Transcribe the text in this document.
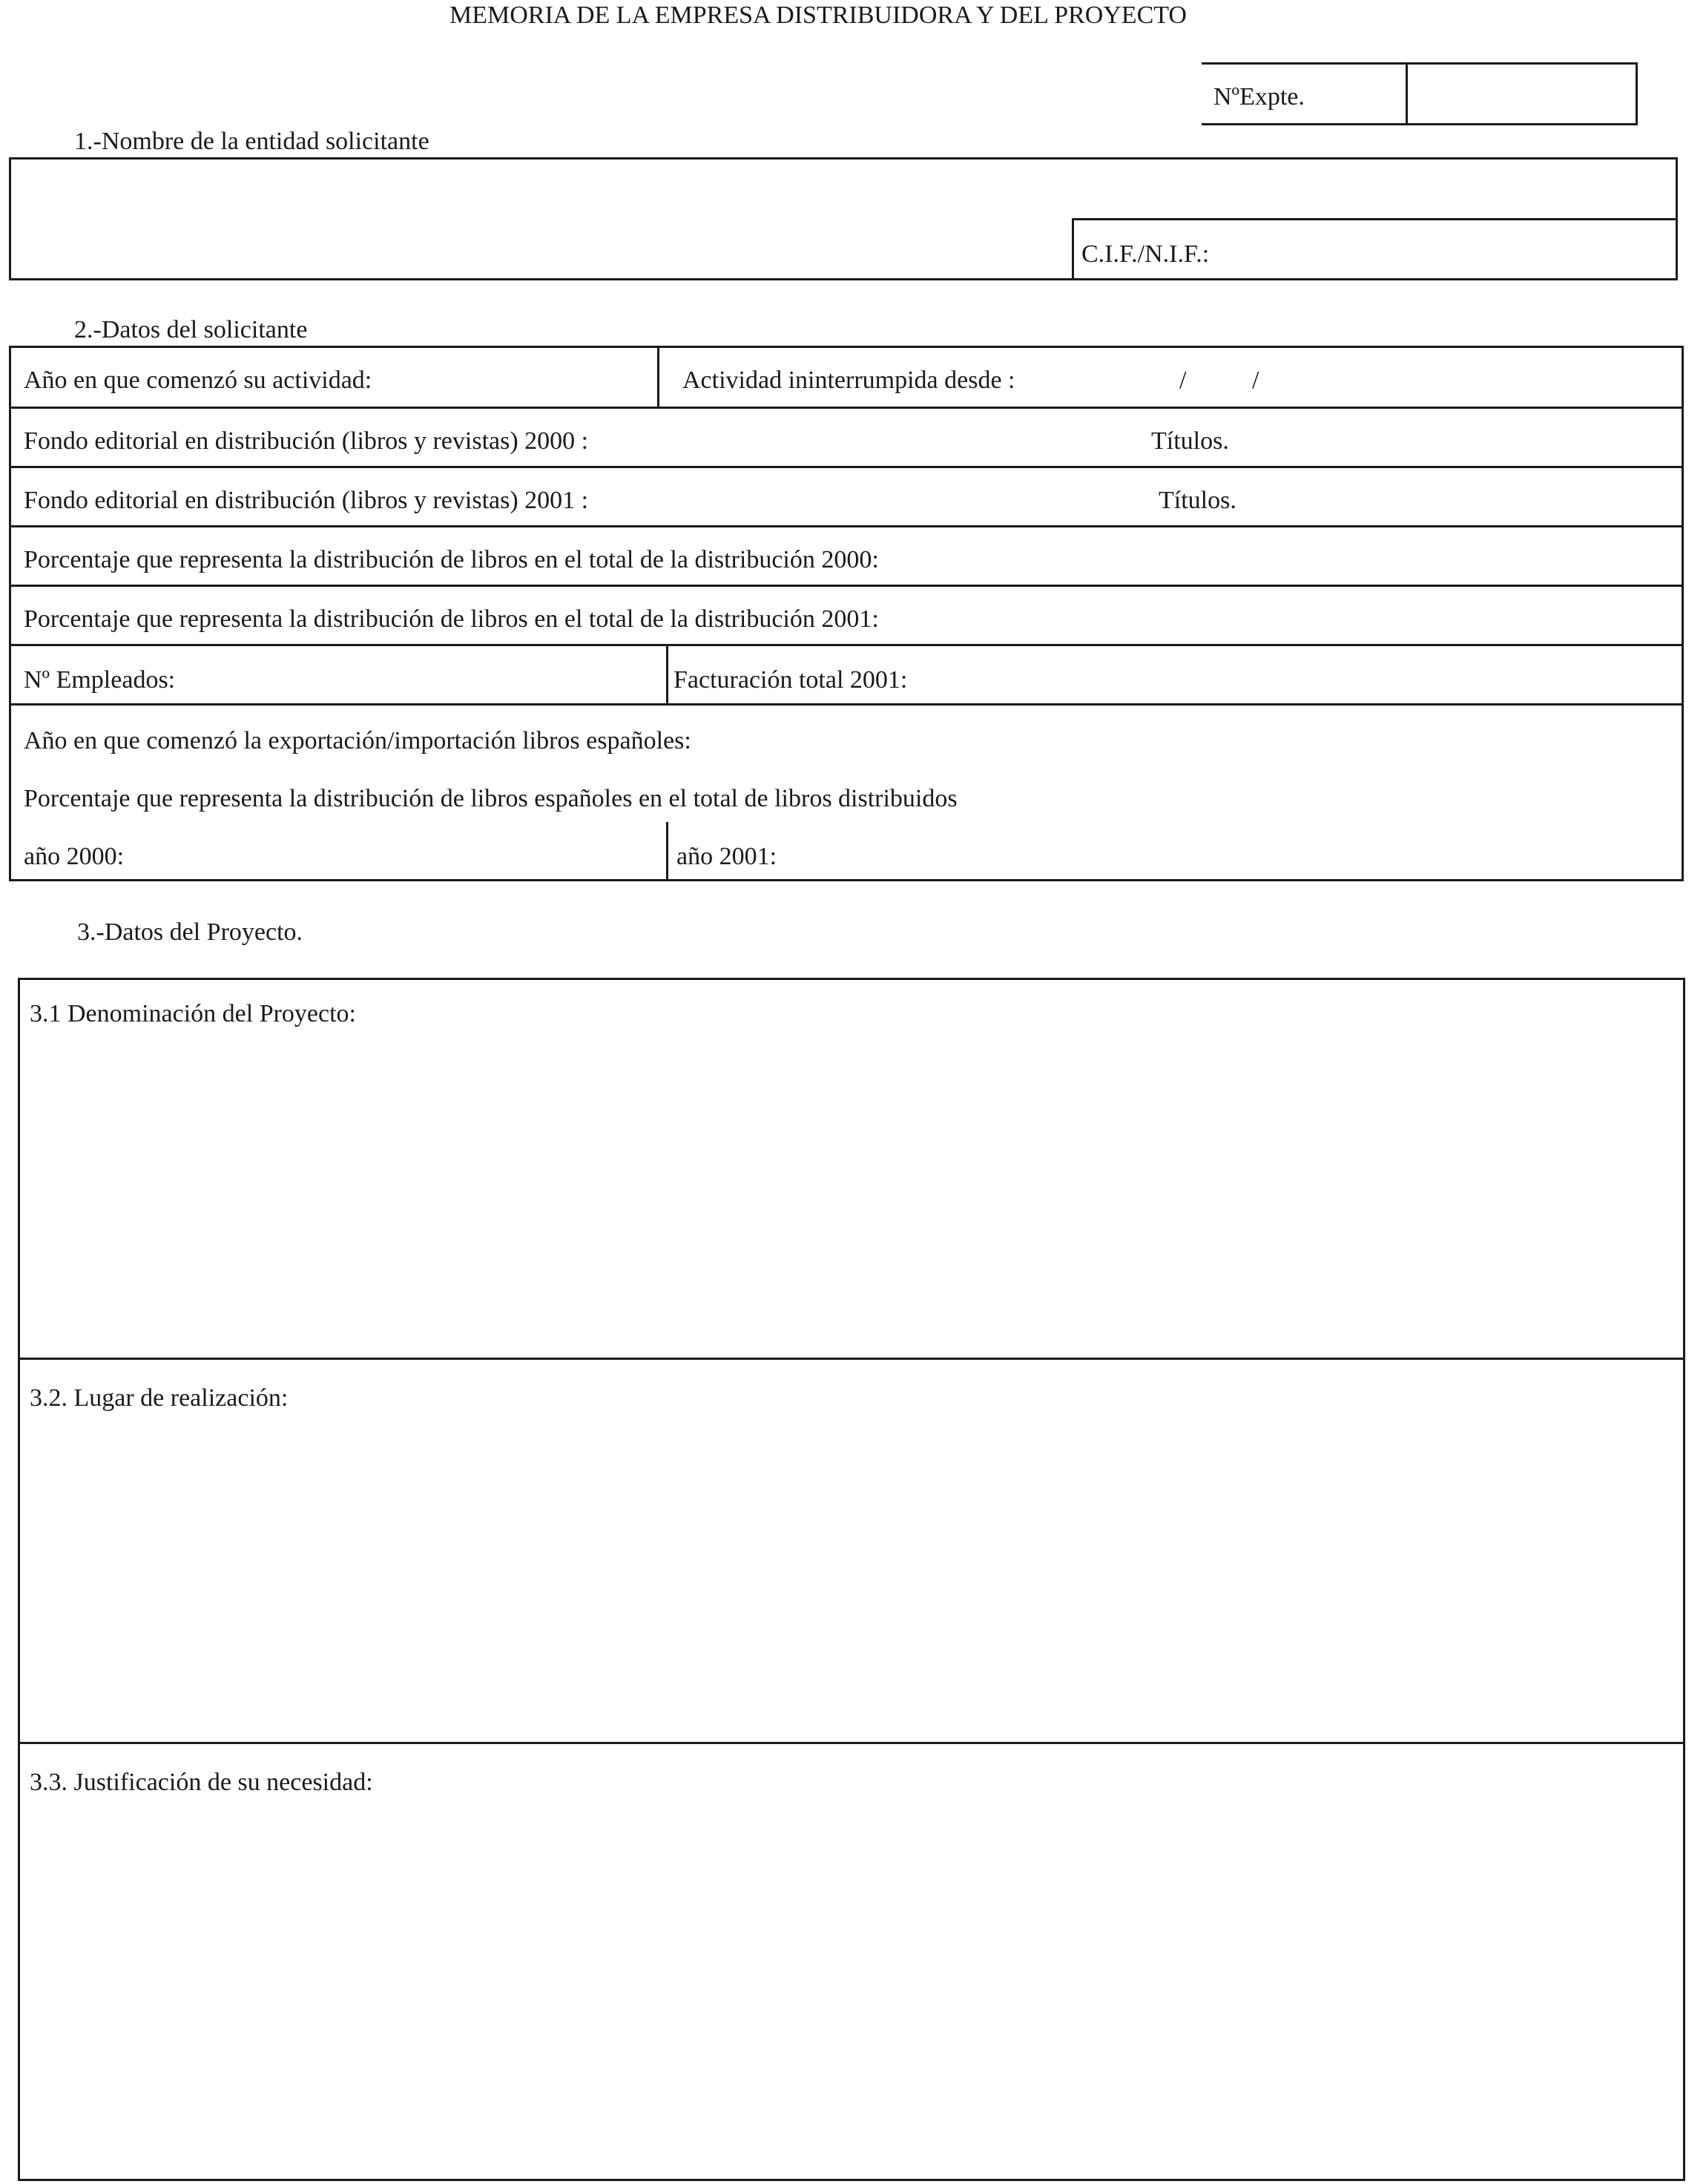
MEMORIA DE LA EMPRESA DISTRIBUIDORA Y DEL PROYECTO
NºExpte.
1.-Nombre de la entidad solicitante
C.I.F./N.I.F.:
2.-Datos del solicitante
Año en que comenzó su actividad:	Actividad ininterrumpida desde :	/	/
Fondo editorial en distribución (libros y revistas) 2000 :	Títulos.
Fondo editorial en distribución (libros y revistas) 2001 :	Títulos.
Porcentaje que representa la distribución de libros en el total de la distribución 2000:
Porcentaje que representa la distribución de libros en el total de la distribución 2001:
Nº Empleados:	Facturación total 2001:
Año en que comenzó la exportación/importación libros españoles:
Porcentaje que representa la distribución de libros españoles en el total de libros distribuidos
año 2000:	año 2001:
3.-Datos del Proyecto.
3.1 Denominación del Proyecto:
3.2. Lugar de realización:
3.3. Justificación de su necesidad:
